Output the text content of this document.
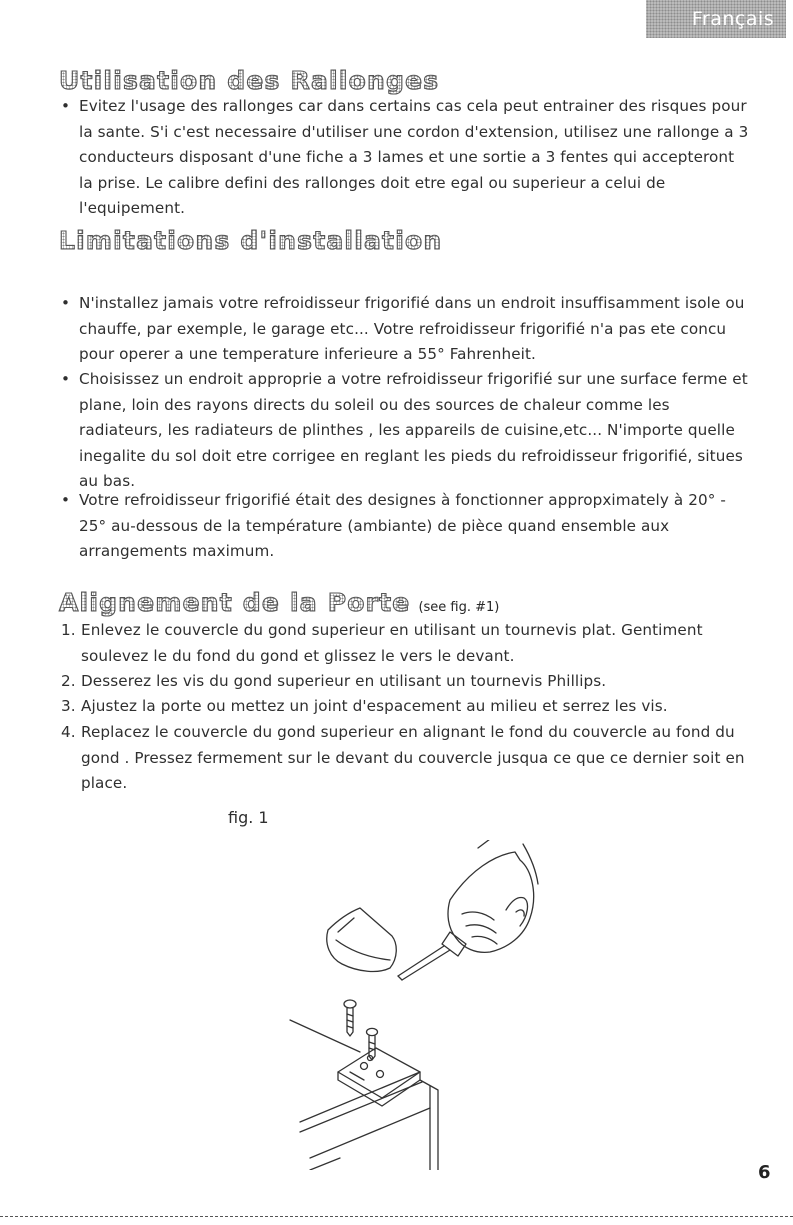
Français
Utilisation des Rallonges

• Evitez l'usage des rallonges car dans certains cas cela peut entrainer des risques pour la sante. S'i c'est necessaire d'utiliser une cordon d'extension, utilisez une rallonge a 3 conducteurs disposant d'une fiche a 3 lames et une sortie a 3 fentes qui accepteront la prise. Le calibre defini des rallonges doit etre egal ou superieur a celui de l'equipement.

Limitations d'installation

• N'installez jamais votre refroidisseur frigorifié dans un endroit insuffisamment isole ou chauffe, par exemple, le garage etc... Votre refroidisseur frigorifié n'a pas ete concu pour operer a une temperature inferieure a 55° Fahrenheit.

• Choisissez un endroit approprie a votre refroidisseur frigorifié sur une surface ferme et plane, loin des rayons directs du soleil ou des sources de chaleur comme les radiateurs, les radiateurs de plinthes , les appareils de cuisine,etc... N'importe quelle inegalite du sol doit etre corrigee en reglant les pieds du refroidisseur frigorifié, situes au bas.

• Votre refroidisseur frigorifié était des designes à fonctionner appropximately à 20° - 25° au-dessous de la température (ambiante) de pièce quand ensemble aux arrangements maximum.

Alignement de la Porte (see fig. #1)

1. Enlevez le couvercle du gond superieur en utilisant un tournevis plat. Gentiment soulevez le du fond du gond et glissez le vers le devant.

2. Desserez les vis du gond superieur en utilisant un tournevis Phillips.

3. Ajustez la porte ou mettez un joint d'espacement au milieu et serrez les vis.

4. Replacez le couvercle du gond superieur en alignant le fond du couvercle au fond du gond . Pressez fermement sur le devant du couvercle jusqua ce que ce dernier soit en place.

fig. 1

6
